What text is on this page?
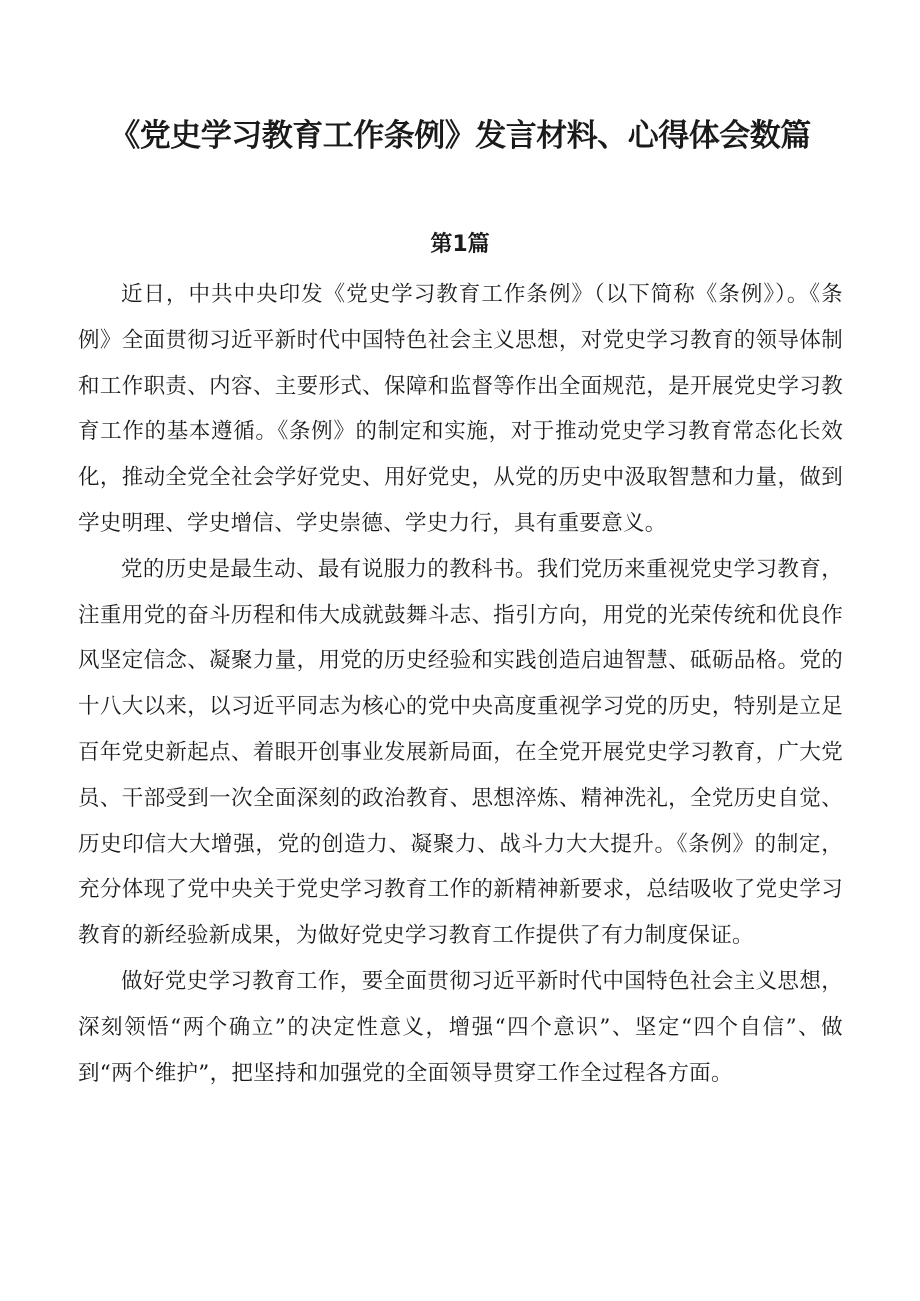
《党史学习教育工作条例》发言材料、心得体会数篇
第1篇

近日，中共中央印发《党史学习教育工作条例》（以下简称《条例》）。《条例》全面贯彻习近平新时代中国特色社会主义思想，对党史学习教育的领导体制和工作职责、内容、主要形式、保障和监督等作出全面规范，是开展党史学习教育工作的基本遵循。《条例》的制定和实施，对于推动党史学习教育常态化长效化，推动全党全社会学好党史、用好党史，从党的历史中汲取智慧和力量，做到学史明理、学史增信、学史崇德、学史力行，具有重要意义。

党的历史是最生动、最有说服力的教科书。我们党历来重视党史学习教育，注重用党的奋斗历程和伟大成就鼓舞斗志、指引方向，用党的光荣传统和优良作风坚定信念、凝聚力量，用党的历史经验和实践创造启迪智慧、砥砺品格。党的十八大以来，以习近平同志为核心的党中央高度重视学习党的历史，特别是立足百年党史新起点、着眼开创事业发展新局面，在全党开展党史学习教育，广大党员、干部受到一次全面深刻的政治教育、思想淬炼、精神洗礼，全党历史自觉、历史印信大大增强，党的创造力、凝聚力、战斗力大大提升。《条例》的制定，充分体现了党中央关于党史学习教育工作的新精神新要求，总结吸收了党史学习教育的新经验新成果，为做好党史学习教育工作提供了有力制度保证。

做好党史学习教育工作，要全面贯彻习近平新时代中国特色社会主义思想，深刻领悟“两个确立”的决定性意义，增强“四个意识”、坚定“四个自信”、做到“两个维护”，把坚持和加强党的全面领导贯穿工作全过程各方面。
